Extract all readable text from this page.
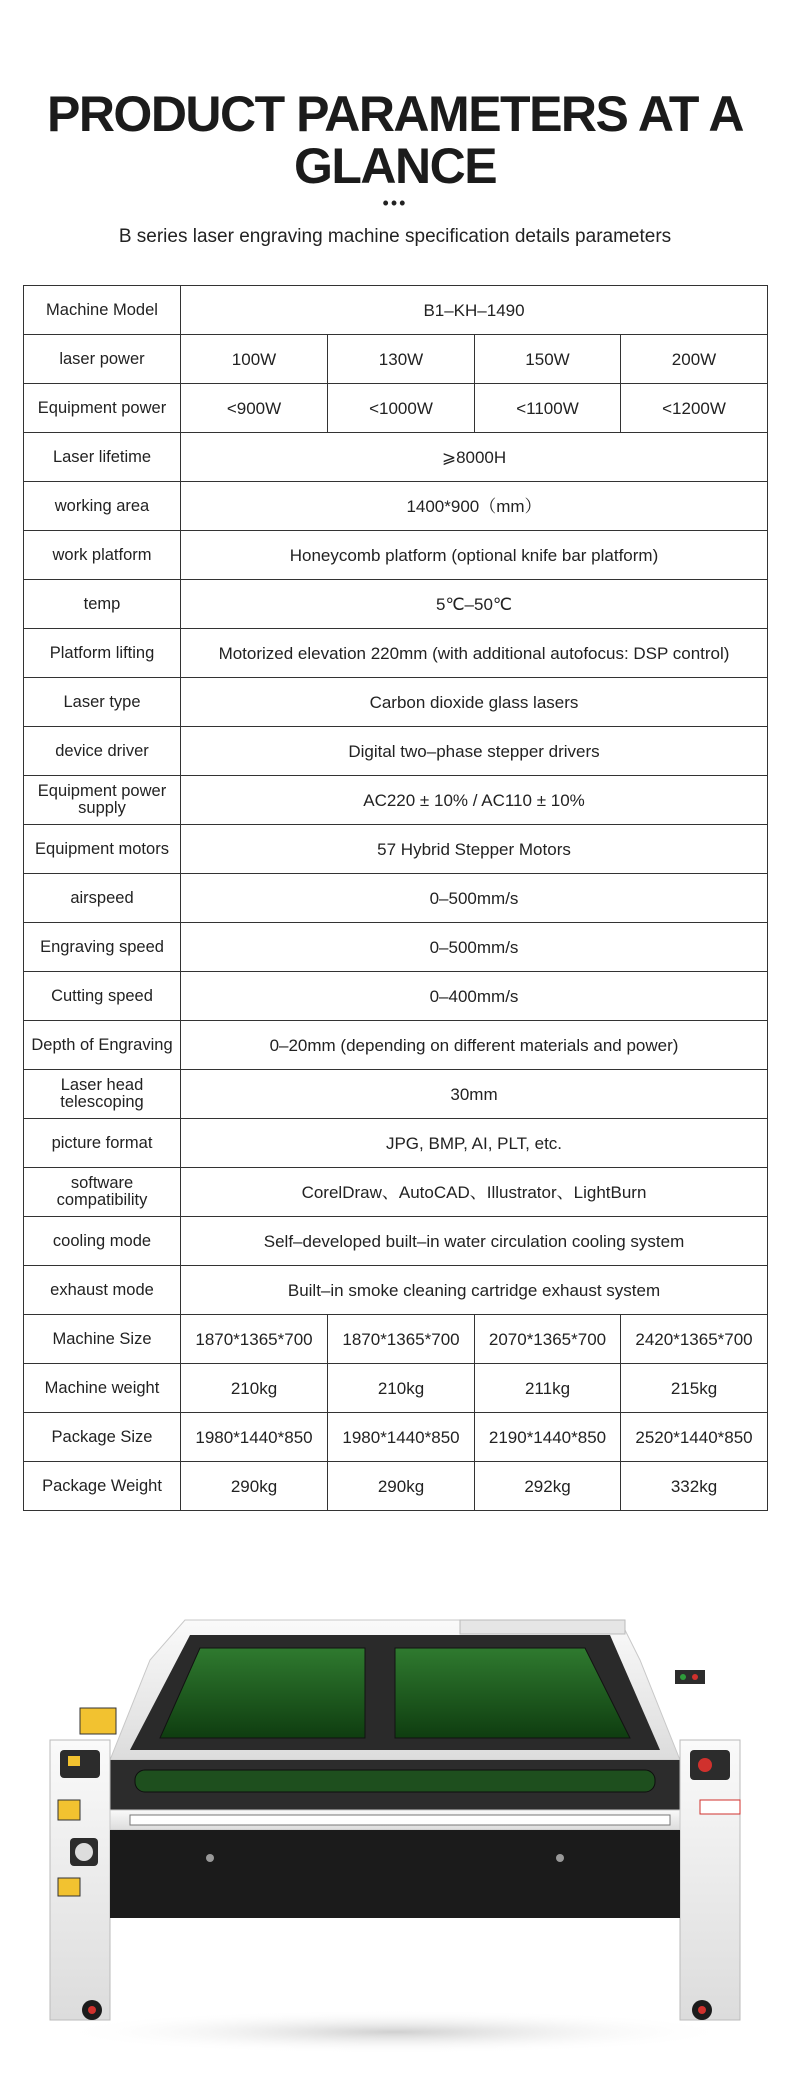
PRODUCT PARAMETERS AT A
GLANCE
•••
B series laser engraving machine specification details parameters
Machine Model	B1–KH–1490			
laser power	100W	130W	150W	200W
Equipment power	<900W	<1000W	<1100W	<1200W
Laser lifetime	⩾8000H			
working area	1400*900（mm）			
work platform	Honeycomb platform (optional knife bar platform)			
temp	5℃–50℃			
Platform lifting	Motorized elevation 220mm (with additional autofocus: DSP control)			
Laser type	Carbon dioxide glass lasers			
device driver	Digital two–phase stepper drivers			
Equipment power supply	AC220 ± 10% / AC110 ± 10%			
Equipment motors	57 Hybrid Stepper Motors			
airspeed	0–500mm/s			
Engraving speed	0–500mm/s			
Cutting speed	0–400mm/s			
Depth of Engraving	0–20mm (depending on different materials and power)			
Laser head telescoping	30mm			
picture format	JPG, BMP, AI, PLT, etc.			
software compatibility	CorelDraw、AutoCAD、Illustrator、LightBurn			
cooling mode	Self–developed built–in water circulation cooling system			
exhaust mode	Built–in smoke cleaning cartridge exhaust system			
Machine Size	1870*1365*700	1870*1365*700	2070*1365*700	2420*1365*700
Machine weight	210kg	210kg	211kg	215kg
Package Size	1980*1440*850	1980*1440*850	2190*1440*850	2520*1440*850
Package Weight	290kg	290kg	292kg	332kg
